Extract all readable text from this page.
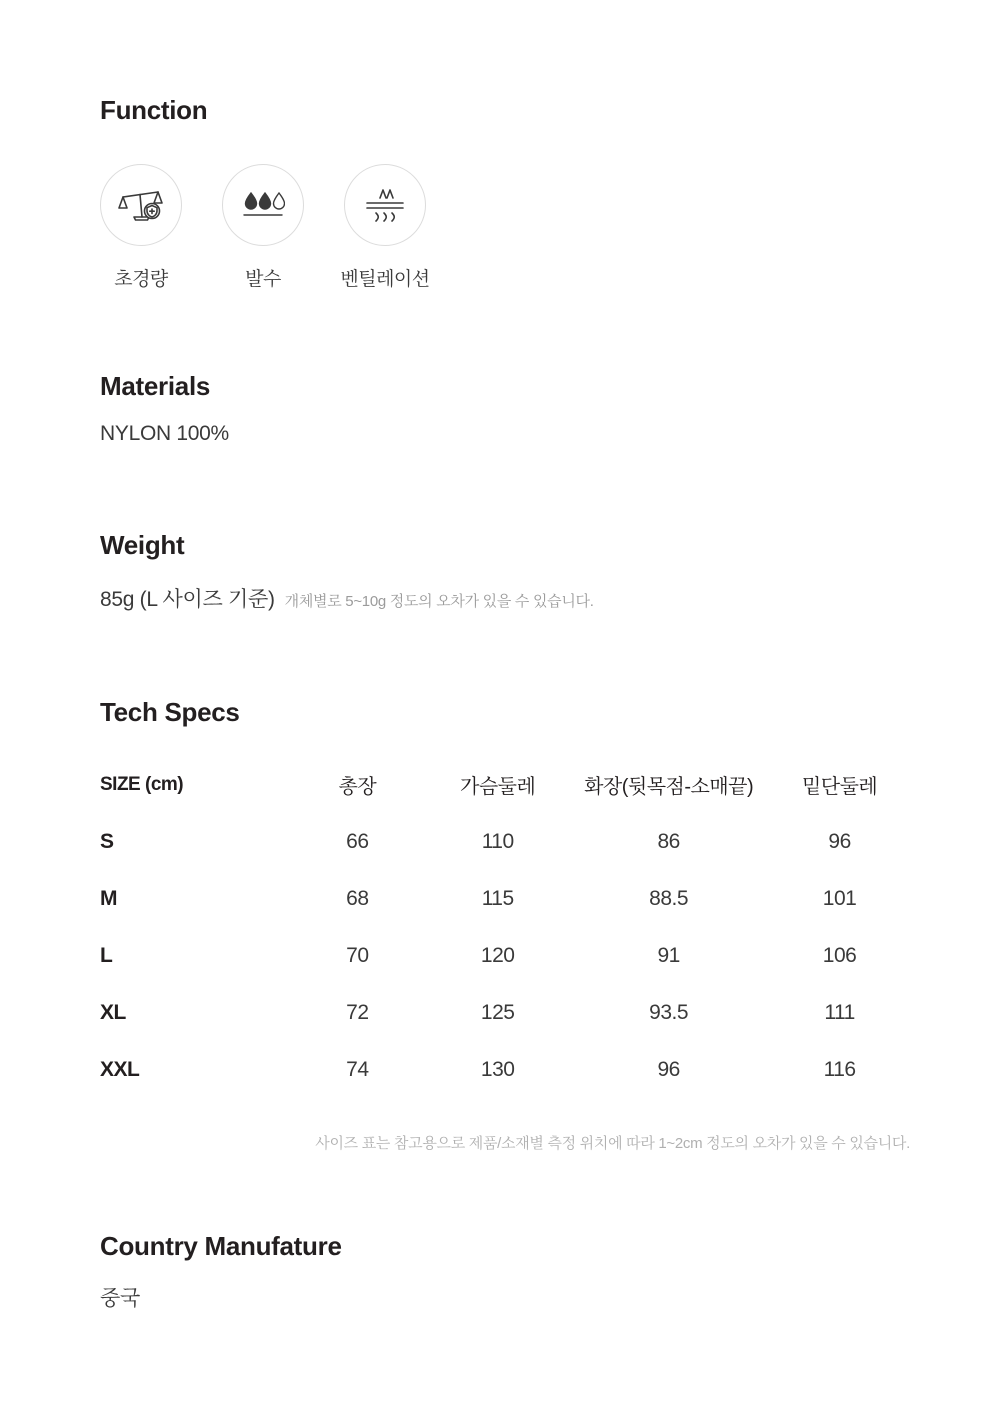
Function
초경량	발수	벤틸레이션
Materials
NYLON 100%
Weight
85g (L 사이즈 기준) 개체별로 5~10g 정도의 오차가 있을 수 있습니다.
Tech Specs
SIZE (cm)	총장	가슴둘레	화장(뒷목점-소매끝)	밑단둘레
S	66	110	86	96
M	68	115	88.5	101
L	70	120	91	106
XL	72	125	93.5	111
XXL	74	130	96	116
사이즈 표는 참고용으로 제품/소재별 측정 위치에 따라 1~2cm 정도의 오차가 있을 수 있습니다.
Country Manufature
중국
